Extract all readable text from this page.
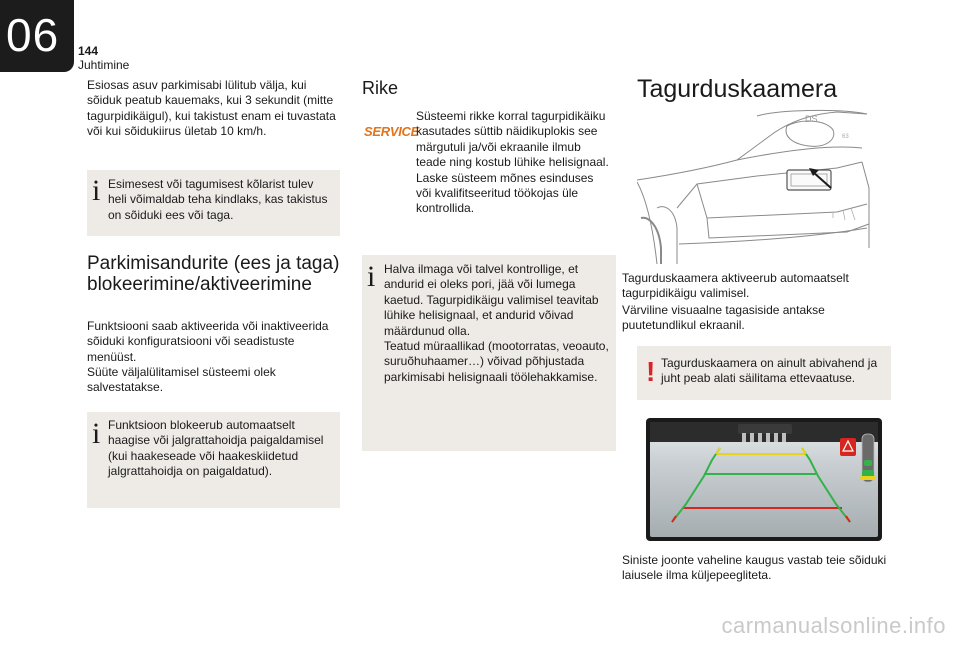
06	144
Juhtimine

Esiosas asuv parkimisabi lülitub välja, kui sõiduk peatub kauemaks, kui 3 sekundit (mitte tagurpidikäigul), kui takistust enam ei tuvastata või kui sõidukiirus ületab 10 km/h.

i Esimesest või tagumisest kõlarist tulev heli võimaldab teha kindlaks, kas takistus on sõiduki ees või taga.

Parkimisandurite (ees ja taga)
blokeerimine/aktiveerimine

Funktsiooni saab aktiveerida või inaktiveerida sõiduki konfiguratsiooni või seadistuste menüüst.

Süüte väljalülitamisel süsteemi olek salvestatakse.

i Funktsioon blokeerub automaatselt haagise või jalgrattahoidja paigaldamisel (kui haakeseade või haakeskiidetud jalgrattahoidja on paigaldatud).

Rike
SERVICE

Süsteemi rikke korral tagurpidikäiku kasutades süttib näidikuplokis see märgutuli ja/või ekraanile ilmub teade ning kostub lühike helisignaal. Laske süsteem mõnes esinduses või kvalifitseeritud töökojas üle kontrollida.

i Halva ilmaga või talvel kontrollige, et andurid ei oleks pori, jää või lumega kaetud. Tagurpidikäigu valimisel teavitab lühike helisignaal, et andurid võivad määrdunud olla.

Teatud müraallikad (mootorratas, veoauto, suruõhuhaamer…) võivad põhjustada parkimisabi helisignaali töölehakkamise.

Tagurduskaamera
DS
63

Tagurduskaamera aktiveerub automaatselt tagurpidikäigu valimisel.

Värviline visuaalne tagasiside antakse puutetundlikul ekraanil.

! Tagurduskaamera on ainult abivahend ja juht peab alati säilitama ettevaatuse.

Siniste joonte vaheline kaugus vastab teie sõiduki laiusele ilma küljepeegliteta.

carmanualsonline.info
